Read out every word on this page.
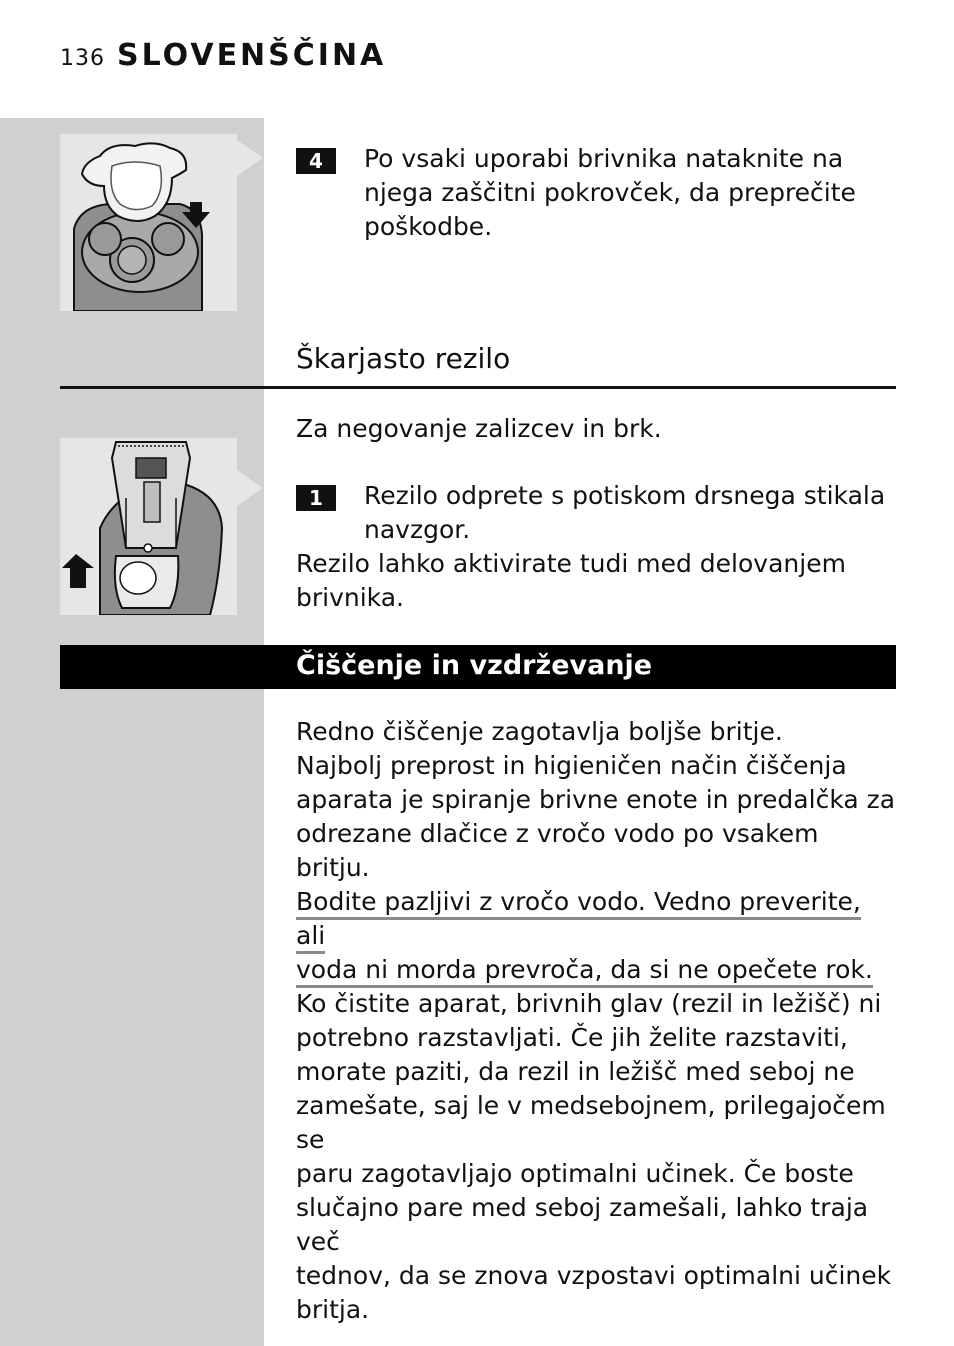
136 SLOVENŠČINA
4	Po vsaki uporabi brivnika nataknite na
njega zaščitni pokrovček, da preprečite
poškodbe.
Škarjasto rezilo
Za negovanje zalizcev in brk.
1	Rezilo odprete s potiskom drsnega stikala
navzgor.
Rezilo lahko aktivirate tudi med delovanjem
brivnika.
Čiščenje in vzdrževanje
Redno čiščenje zagotavlja boljše britje.
Najbolj preprost in higieničen način čiščenja
aparata je spiranje brivne enote in predalčka za
odrezane dlačice z vročo vodo po vsakem britju.
Bodite pazljivi z vročo vodo. Vedno preverite, ali
voda ni morda prevroča, da si ne opečete rok.
Ko čistite aparat, brivnih glav (rezil in ležišč) ni
potrebno razstavljati. Če jih želite razstaviti,
morate paziti, da rezil in ležišč med seboj ne
zamešate, saj le v medsebojnem, prilegajočem se
paru zagotavljajo optimalni učinek. Če boste
slučajno pare med seboj zamešali, lahko traja več
tednov, da se znova vzpostavi optimalni učinek
britja.
